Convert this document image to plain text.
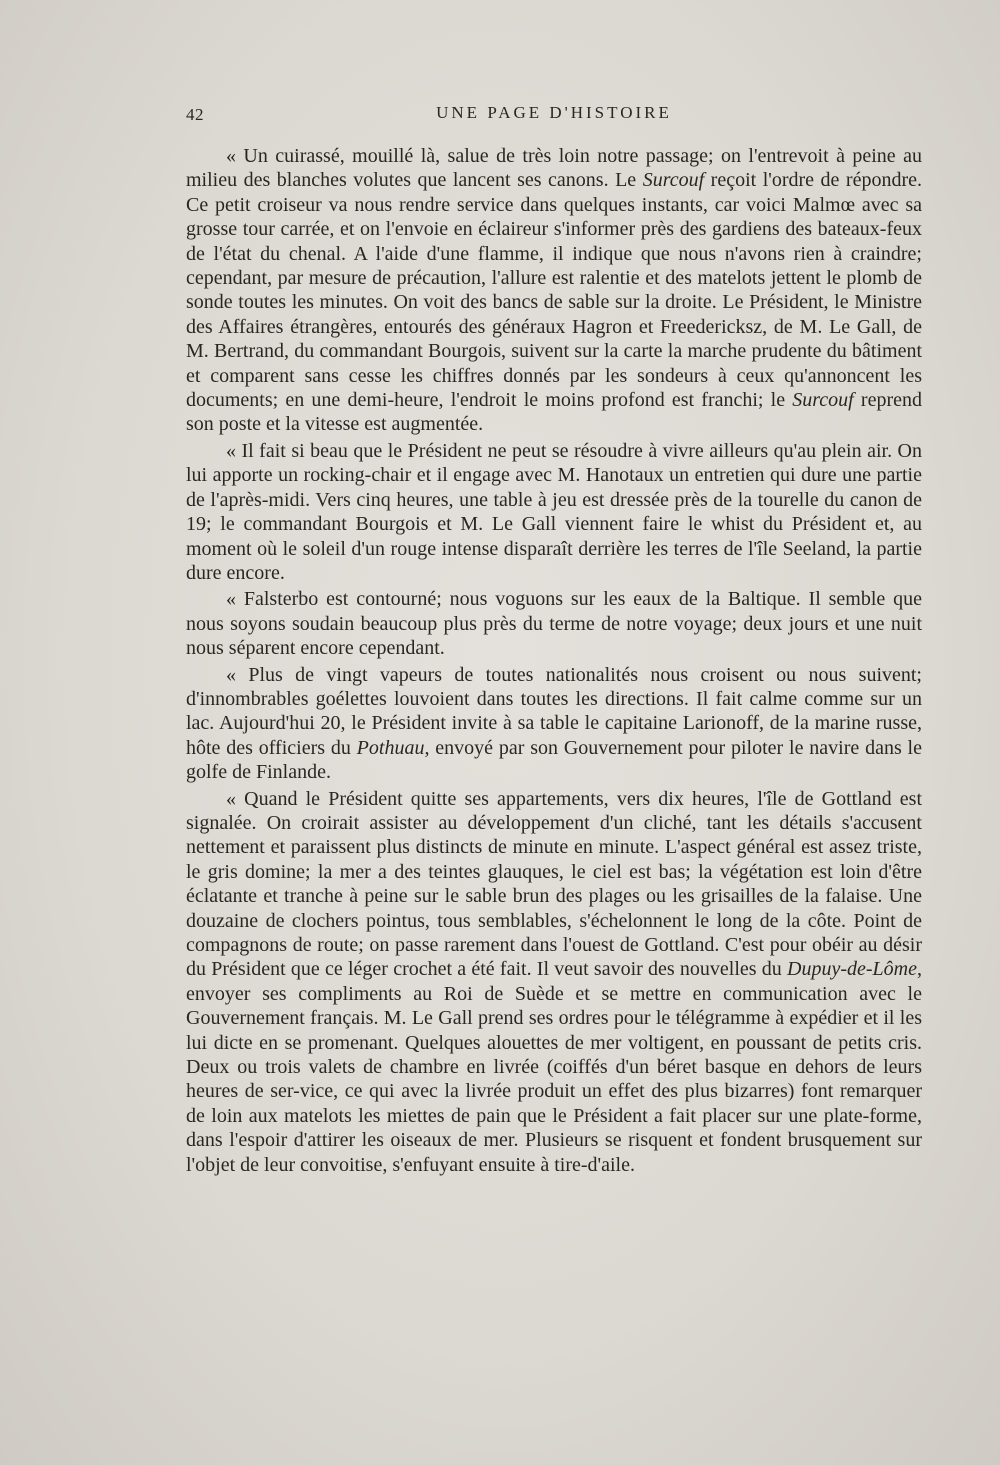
42	UNE PAGE D'HISTOIRE

« Un cuirassé, mouillé là, salue de très loin notre passage; on l'entrevoit à peine au milieu des blanches volutes que lancent ses canons. Le Surcouf reçoit l'ordre de répondre. Ce petit croiseur va nous rendre service dans quelques instants, car voici Malmœ avec sa grosse tour carrée, et on l'envoie en éclaireur s'informer près des gardiens des bateaux-feux de l'état du chenal. A l'aide d'une flamme, il indique que nous n'avons rien à craindre; cependant, par mesure de précaution, l'allure est ralentie et des matelots jettent le plomb de sonde toutes les minutes. On voit des bancs de sable sur la droite. Le Président, le Ministre des Affaires étrangères, entourés des généraux Hagron et Freedericksz, de M. Le Gall, de M. Bertrand, du commandant Bourgois, suivent sur la carte la marche prudente du bâtiment et comparent sans cesse les chiffres donnés par les sondeurs à ceux qu'annoncent les documents; en une demi-heure, l'endroit le moins profond est franchi; le Surcouf reprend son poste et la vitesse est augmentée.

« Il fait si beau que le Président ne peut se résoudre à vivre ailleurs qu'au plein air. On lui apporte un rocking-chair et il engage avec M. Hanotaux un entretien qui dure une partie de l'après-midi. Vers cinq heures, une table à jeu est dressée près de la tourelle du canon de 19; le commandant Bourgois et M. Le Gall viennent faire le whist du Président et, au moment où le soleil d'un rouge intense disparaît derrière les terres de l'île Seeland, la partie dure encore.

« Falsterbo est contourné; nous voguons sur les eaux de la Baltique. Il semble que nous soyons soudain beaucoup plus près du terme de notre voyage; deux jours et une nuit nous séparent encore cependant.

« Plus de vingt vapeurs de toutes nationalités nous croisent ou nous suivent; d'innombrables goélettes louvoient dans toutes les directions. Il fait calme comme sur un lac. Aujourd'hui 20, le Président invite à sa table le capitaine Larionoff, de la marine russe, hôte des officiers du Pothuau, envoyé par son Gouvernement pour piloter le navire dans le golfe de Finlande.

« Quand le Président quitte ses appartements, vers dix heures, l'île de Gottland est signalée. On croirait assister au développement d'un cliché, tant les détails s'accusent nettement et paraissent plus distincts de minute en minute. L'aspect général est assez triste, le gris domine; la mer a des teintes glauques, le ciel est bas; la végétation est loin d'être éclatante et tranche à peine sur le sable brun des plages ou les grisailles de la falaise. Une douzaine de clochers pointus, tous semblables, s'échelonnent le long de la côte. Point de compagnons de route; on passe rarement dans l'ouest de Gottland. C'est pour obéir au désir du Président que ce léger crochet a été fait. Il veut savoir des nouvelles du Dupuy-de-Lôme, envoyer ses compliments au Roi de Suède et se mettre en communication avec le Gouvernement français. M. Le Gall prend ses ordres pour le télégramme à expédier et il les lui dicte en se promenant. Quelques alouettes de mer voltigent, en poussant de petits cris. Deux ou trois valets de chambre en livrée (coiffés d'un béret basque en dehors de leurs heures de ser-vice, ce qui avec la livrée produit un effet des plus bizarres) font remarquer de loin aux matelots les miettes de pain que le Président a fait placer sur une plate-forme, dans l'espoir d'attirer les oiseaux de mer. Plusieurs se risquent et fondent brusquement sur l'objet de leur convoitise, s'enfuyant ensuite à tire-d'aile.
